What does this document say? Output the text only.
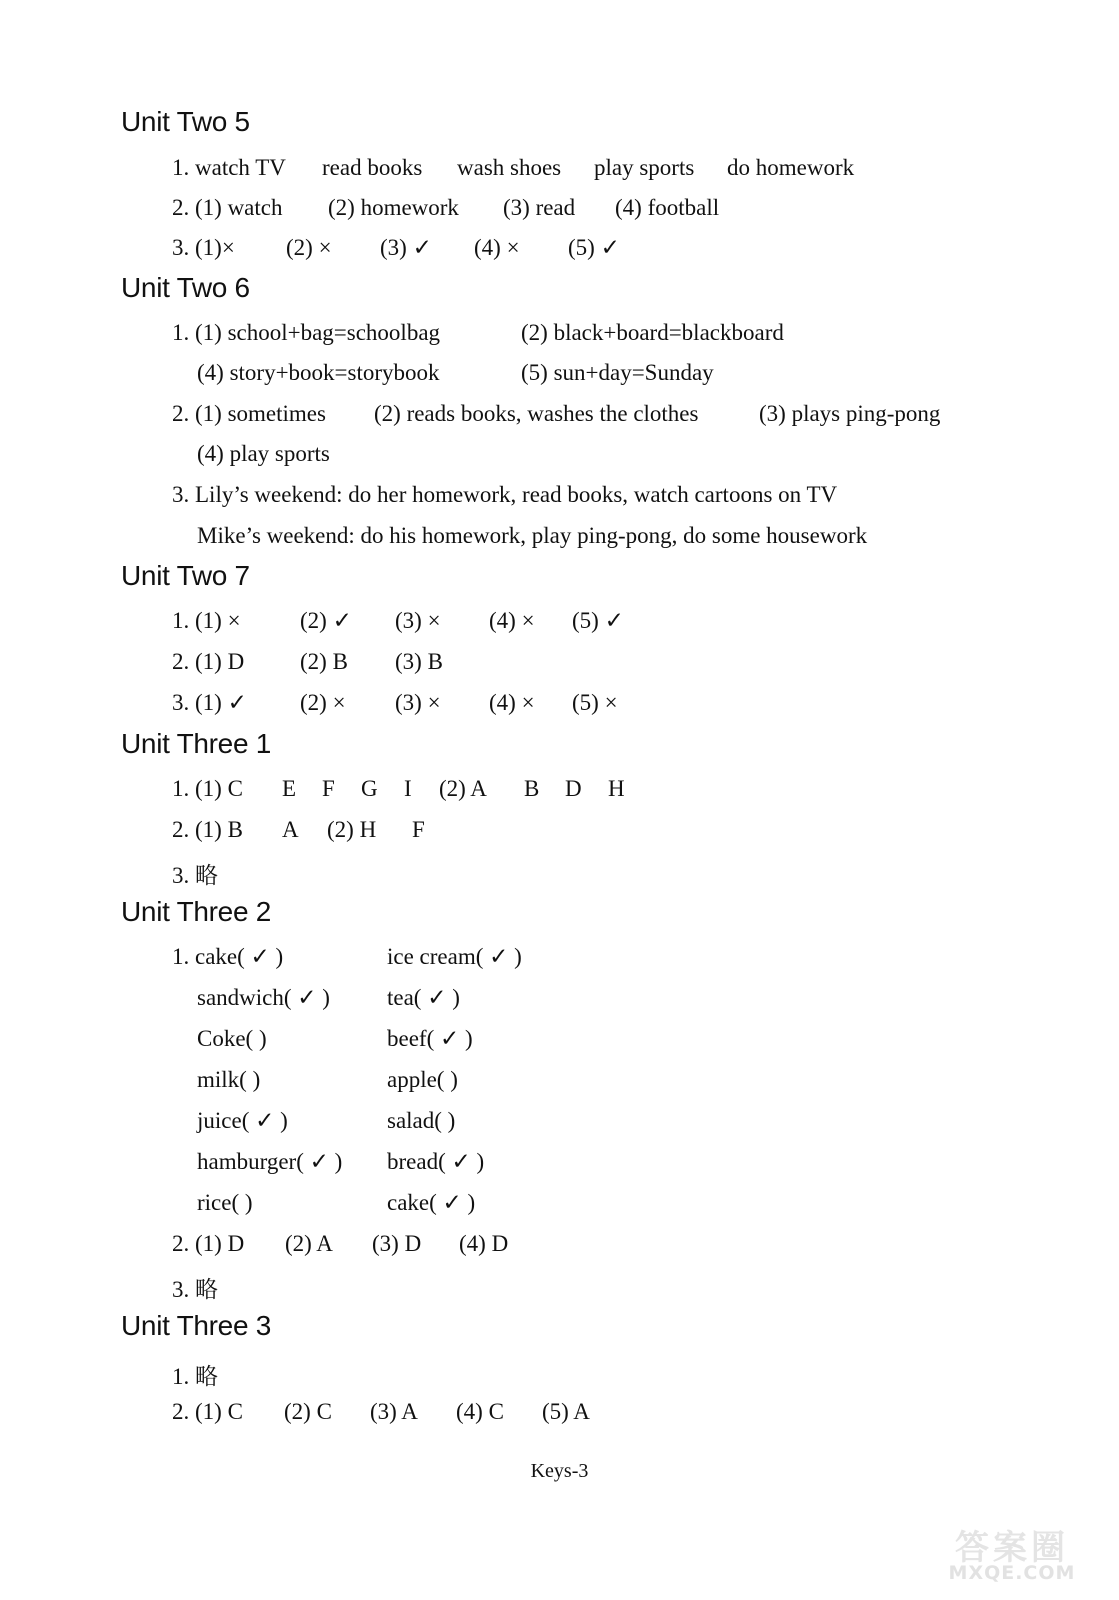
Unit Two 5
1. watch TV read books wash shoes play sports do homework
2. (1) watch (2) homework (3) read (4) football
3. (1)× (2) × (3) ✓ (4) × (5) ✓
Unit Two 6
1. (1) school+bag=schoolbag	(2) black+board=blackboard
(4) story+book=storybook	(5) sun+day=Sunday
2. (1) sometimes (2) reads books, washes the clothes	(3) plays ping-pong
(4) play sports
3. Lily’s weekend: do her homework, read books, watch cartoons on TV
Mike’s weekend: do his homework, play ping-pong, do some housework
Unit Two 7
1. (1) ×	(2) ✓ (3) × (4) × (5) ✓
2. (1) D (2) B (3) B
3. (1) ✓ (2) × (3) × (4) × (5) ×
Unit Three 1
1. (1) C E F G I (2) A B D H
2. (1) B A (2) H F
3. 略
Unit Three 2
1. cake( ✓ )	ice cream( ✓ )
sandwich( ✓ ) tea( ✓ )
Coke( )	beef( ✓ )
milk( )	apple( )
juice( ✓ )	salad( )
hamburger( ✓ ) bread( ✓ )
rice( )	cake( ✓ )
2. (1) D (2) A (3) D (4) D
3. 略
Unit Three 3
1. 略
2. (1) C (2) C (3) A (4) C (5) A
Keys-3
答案圈
MXQE.COM
